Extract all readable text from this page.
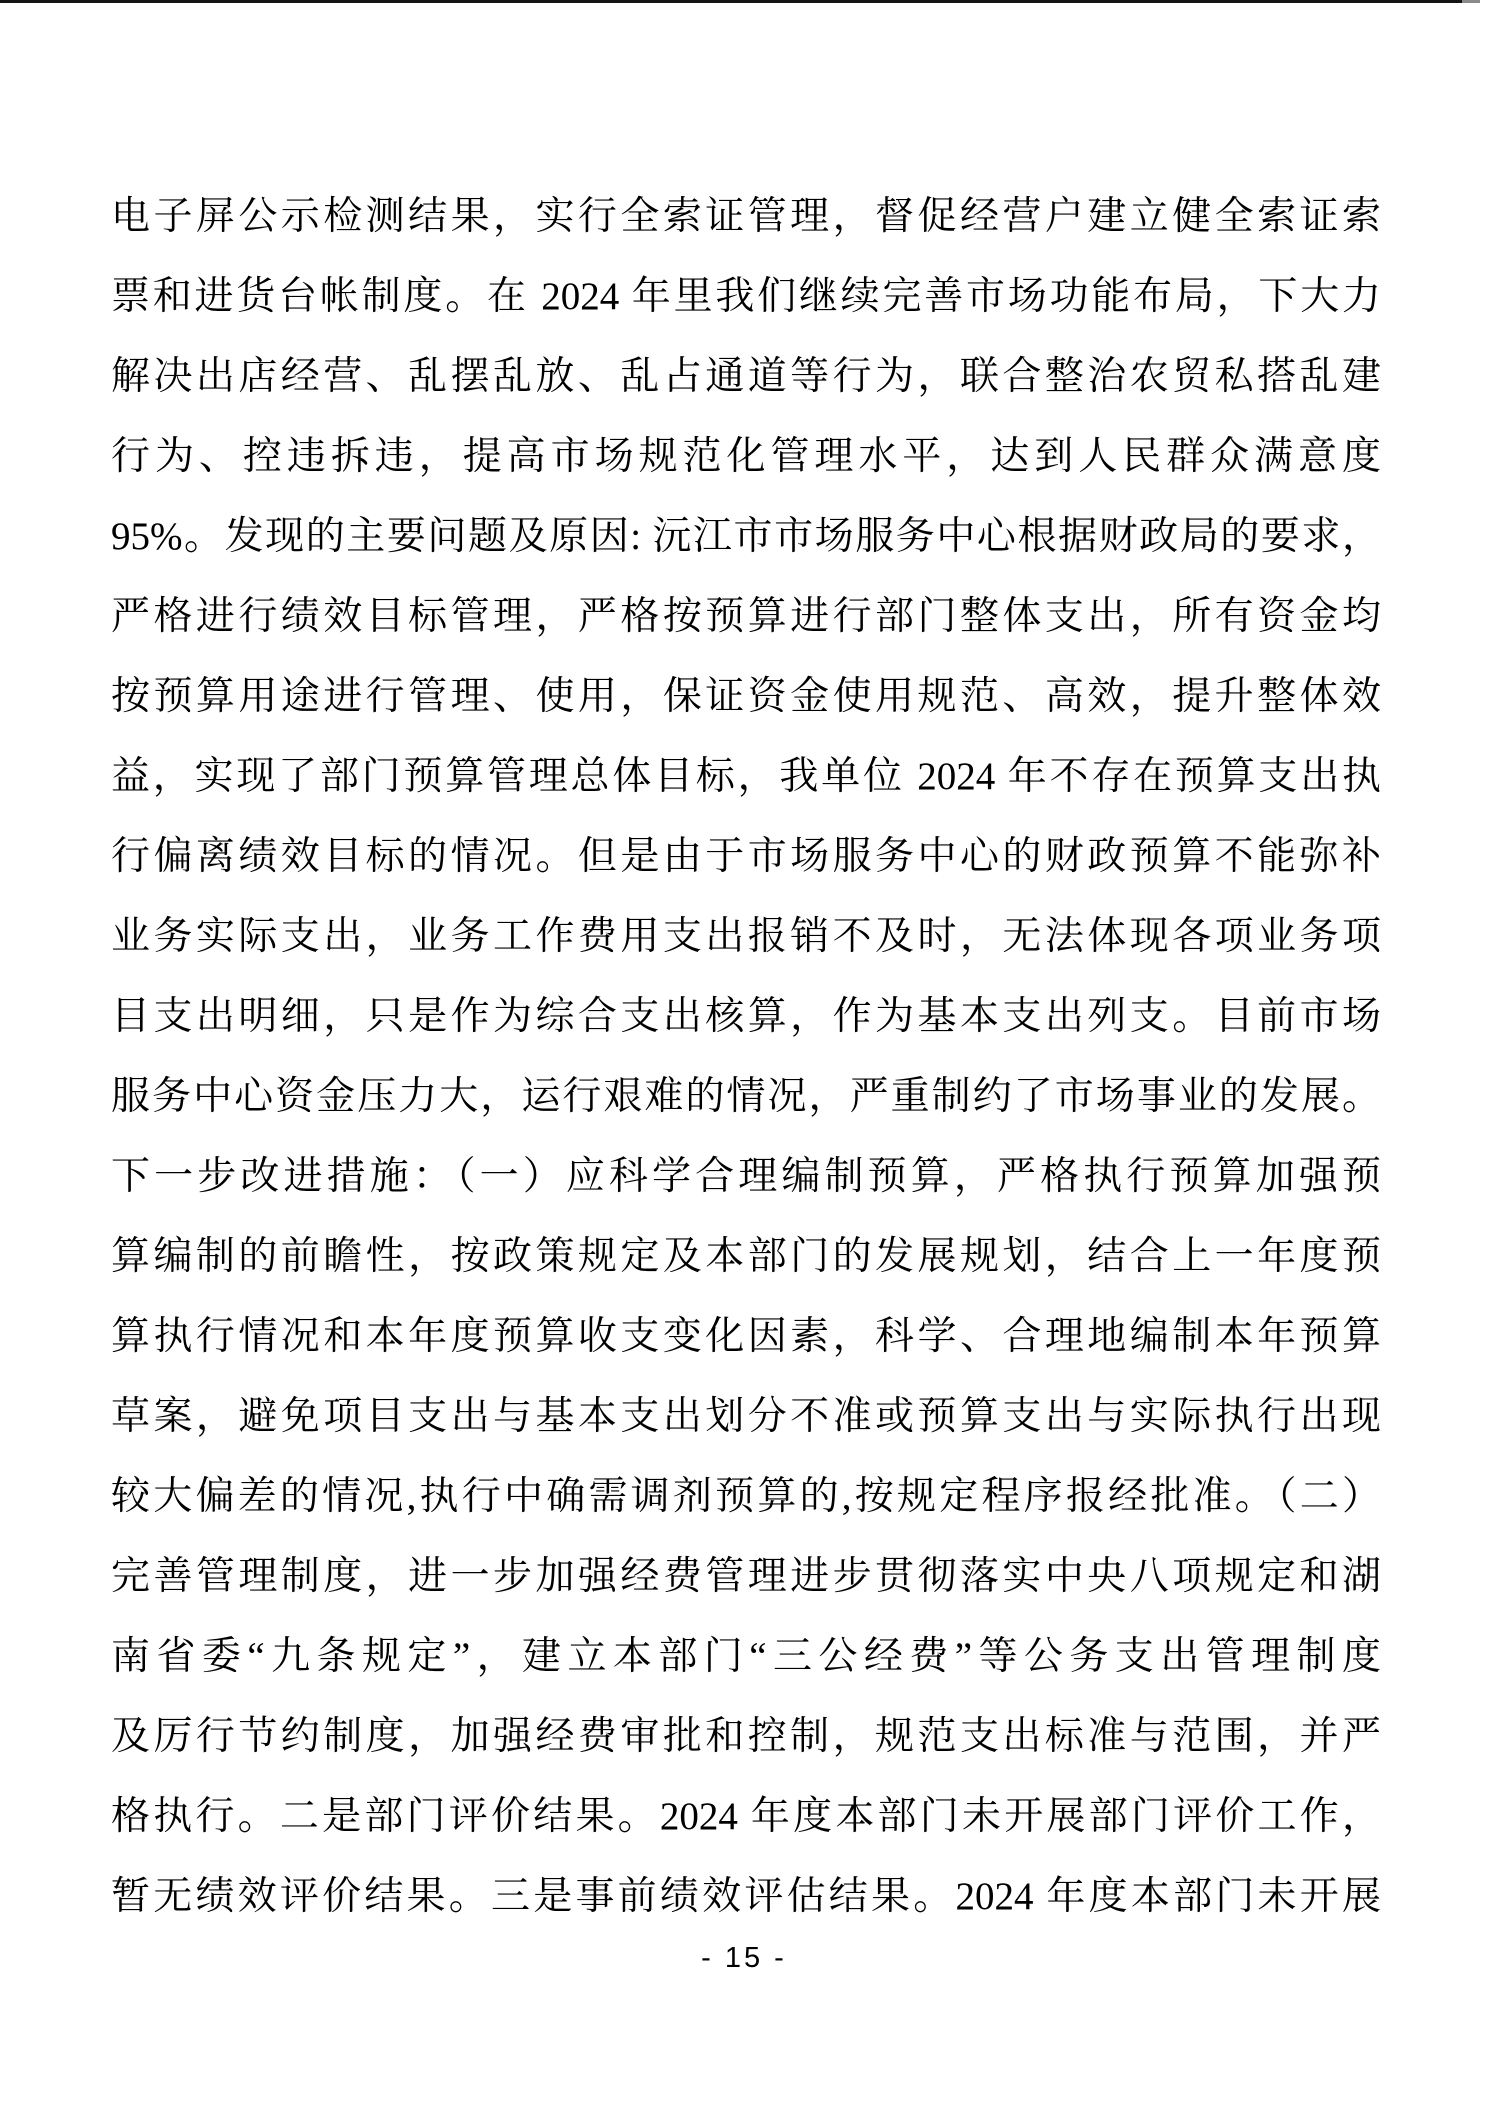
电子屏公示检测结果，实行全索证管理，督促经营户建立健全索证索
票和进货台帐制度。在 2024 年里我们继续完善市场功能布局，下大力
解决出店经营、乱摆乱放、乱占通道等行为，联合整治农贸私搭乱建
行为、控违拆违，提高市场规范化管理水平，达到人民群众满意度
95%。发现的主要问题及原因: 沅江市市场服务中心根据财政局的要求，
严格进行绩效目标管理，严格按预算进行部门整体支出，所有资金均
按预算用途进行管理、使用，保证资金使用规范、高效，提升整体效
益，实现了部门预算管理总体目标，我单位 2024 年不存在预算支出执
行偏离绩效目标的情况。但是由于市场服务中心的财政预算不能弥补
业务实际支出，业务工作费用支出报销不及时，无法体现各项业务项
目支出明细，只是作为综合支出核算，作为基本支出列支。目前市场
服务中心资金压力大，运行艰难的情况，严重制约了市场事业的发展。
下一步改进措施：（一）应科学合理编制预算，严格执行预算加强预
算编制的前瞻性，按政策规定及本部门的发展规划，结合上一年度预
算执行情况和本年度预算收支变化因素，科学、合理地编制本年预算
草案，避免项目支出与基本支出划分不准或预算支出与实际执行出现
较大偏差的情况,执行中确需调剂预算的,按规定程序报经批准。（二）
完善管理制度，进一步加强经费管理进步贯彻落实中央八项规定和湖
南省委“九条规定”，建立本部门“三公经费”等公务支出管理制度
及厉行节约制度，加强经费审批和控制，规范支出标准与范围，并严
格执行。二是部门评价结果。2024 年度本部门未开展部门评价工作，
暂无绩效评价结果。三是事前绩效评估结果。2024 年度本部门未开展
- 15 -
